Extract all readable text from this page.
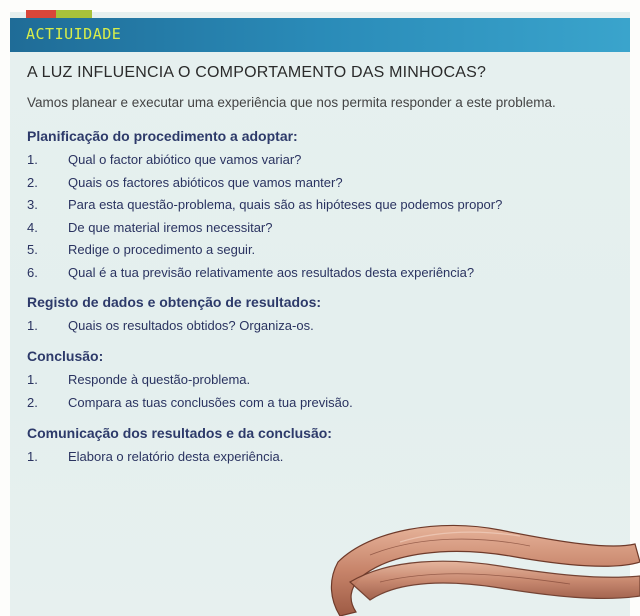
ACTIUIDADE
A LUZ INFLUENCIA O COMPORTAMENTO DAS MINHOCAS?
Vamos planear e executar uma experiência que nos permita responder a este problema.
Planificação do procedimento a adoptar:
1.	Qual o factor abiótico que vamos variar?
2.	Quais os factores abióticos que vamos manter?
3.	Para esta questão-problema, quais são as hipóteses que podemos propor?
4.	De que material iremos necessitar?
5.	Redige o procedimento a seguir.
6.	Qual é a tua previsão relativamente aos resultados desta experiência?
Registo de dados e obtenção de resultados:
1.	Quais os resultados obtidos? Organiza-os.
Conclusão:
1.	Responde à questão-problema.
2.	Compara as tuas conclusões com a tua previsão.
Comunicação dos resultados e da conclusão:
1.	Elabora o relatório desta experiência.
